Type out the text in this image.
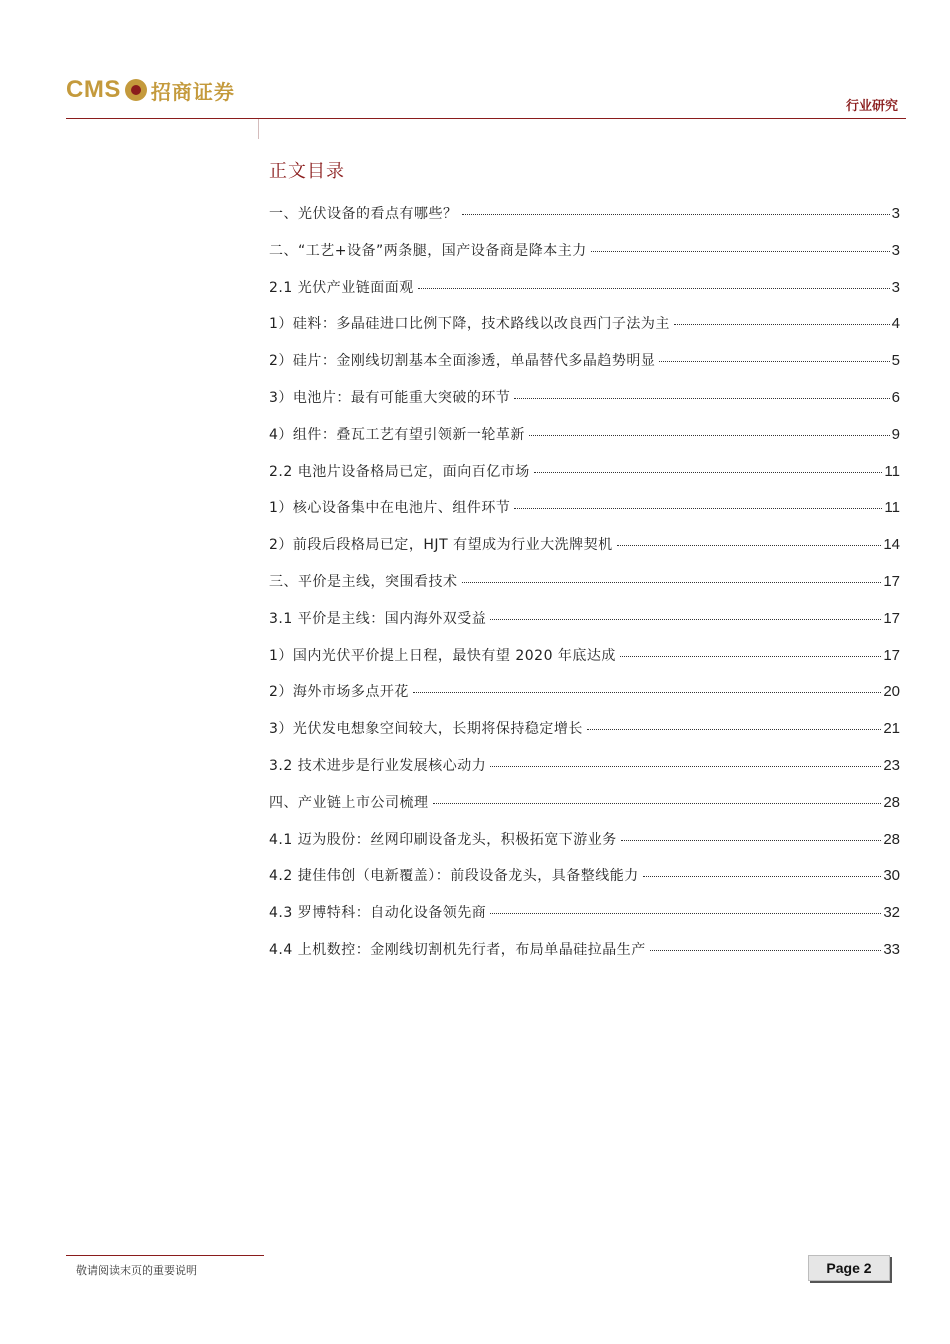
CMS 招商证券
行业研究
正文目录
一、光伏设备的看点有哪些？	3
二、“工艺+设备”两条腿，国产设备商是降本主力	3
2.1 光伏产业链面面观	3
1）硅料：多晶硅进口比例下降，技术路线以改良西门子法为主	4
2）硅片：金刚线切割基本全面渗透，单晶替代多晶趋势明显	5
3）电池片：最有可能重大突破的环节	6
4）组件：叠瓦工艺有望引领新一轮革新	9
2.2 电池片设备格局已定，面向百亿市场	11
1）核心设备集中在电池片、组件环节	11
2）前段后段格局已定，HJT 有望成为行业大洗牌契机	14
三、平价是主线，突围看技术	17
3.1 平价是主线：国内海外双受益	17
1）国内光伏平价提上日程，最快有望 2020 年底达成	17
2）海外市场多点开花	20
3）光伏发电想象空间较大，长期将保持稳定增长	21
3.2 技术进步是行业发展核心动力	23
四、产业链上市公司梳理	28
4.1 迈为股份：丝网印刷设备龙头，积极拓宽下游业务	28
4.2 捷佳伟创（电新覆盖）：前段设备龙头，具备整线能力	30
4.3 罗博特科：自动化设备领先商	32
4.4 上机数控：金刚线切割机先行者，布局单晶硅拉晶生产	33
敬请阅读末页的重要说明	Page 2
